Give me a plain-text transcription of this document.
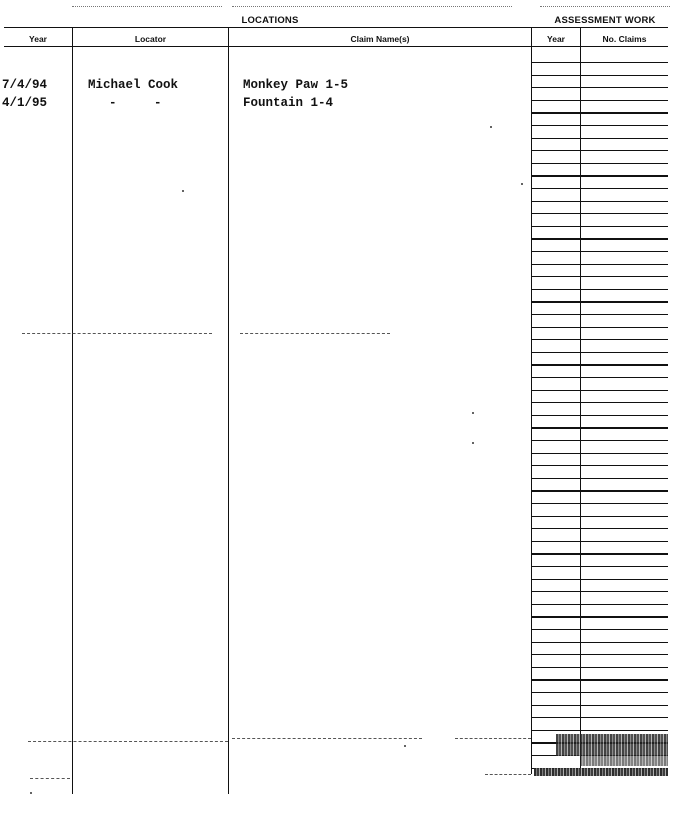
LOCATIONS	ASSESSMENT WORK
Year	Locator	Claim Name(s)	Year	No. Claims
7/4/94	Michael Cook	Monkey Paw 1-5
4/1/95	-     -	Fountain 1-4
